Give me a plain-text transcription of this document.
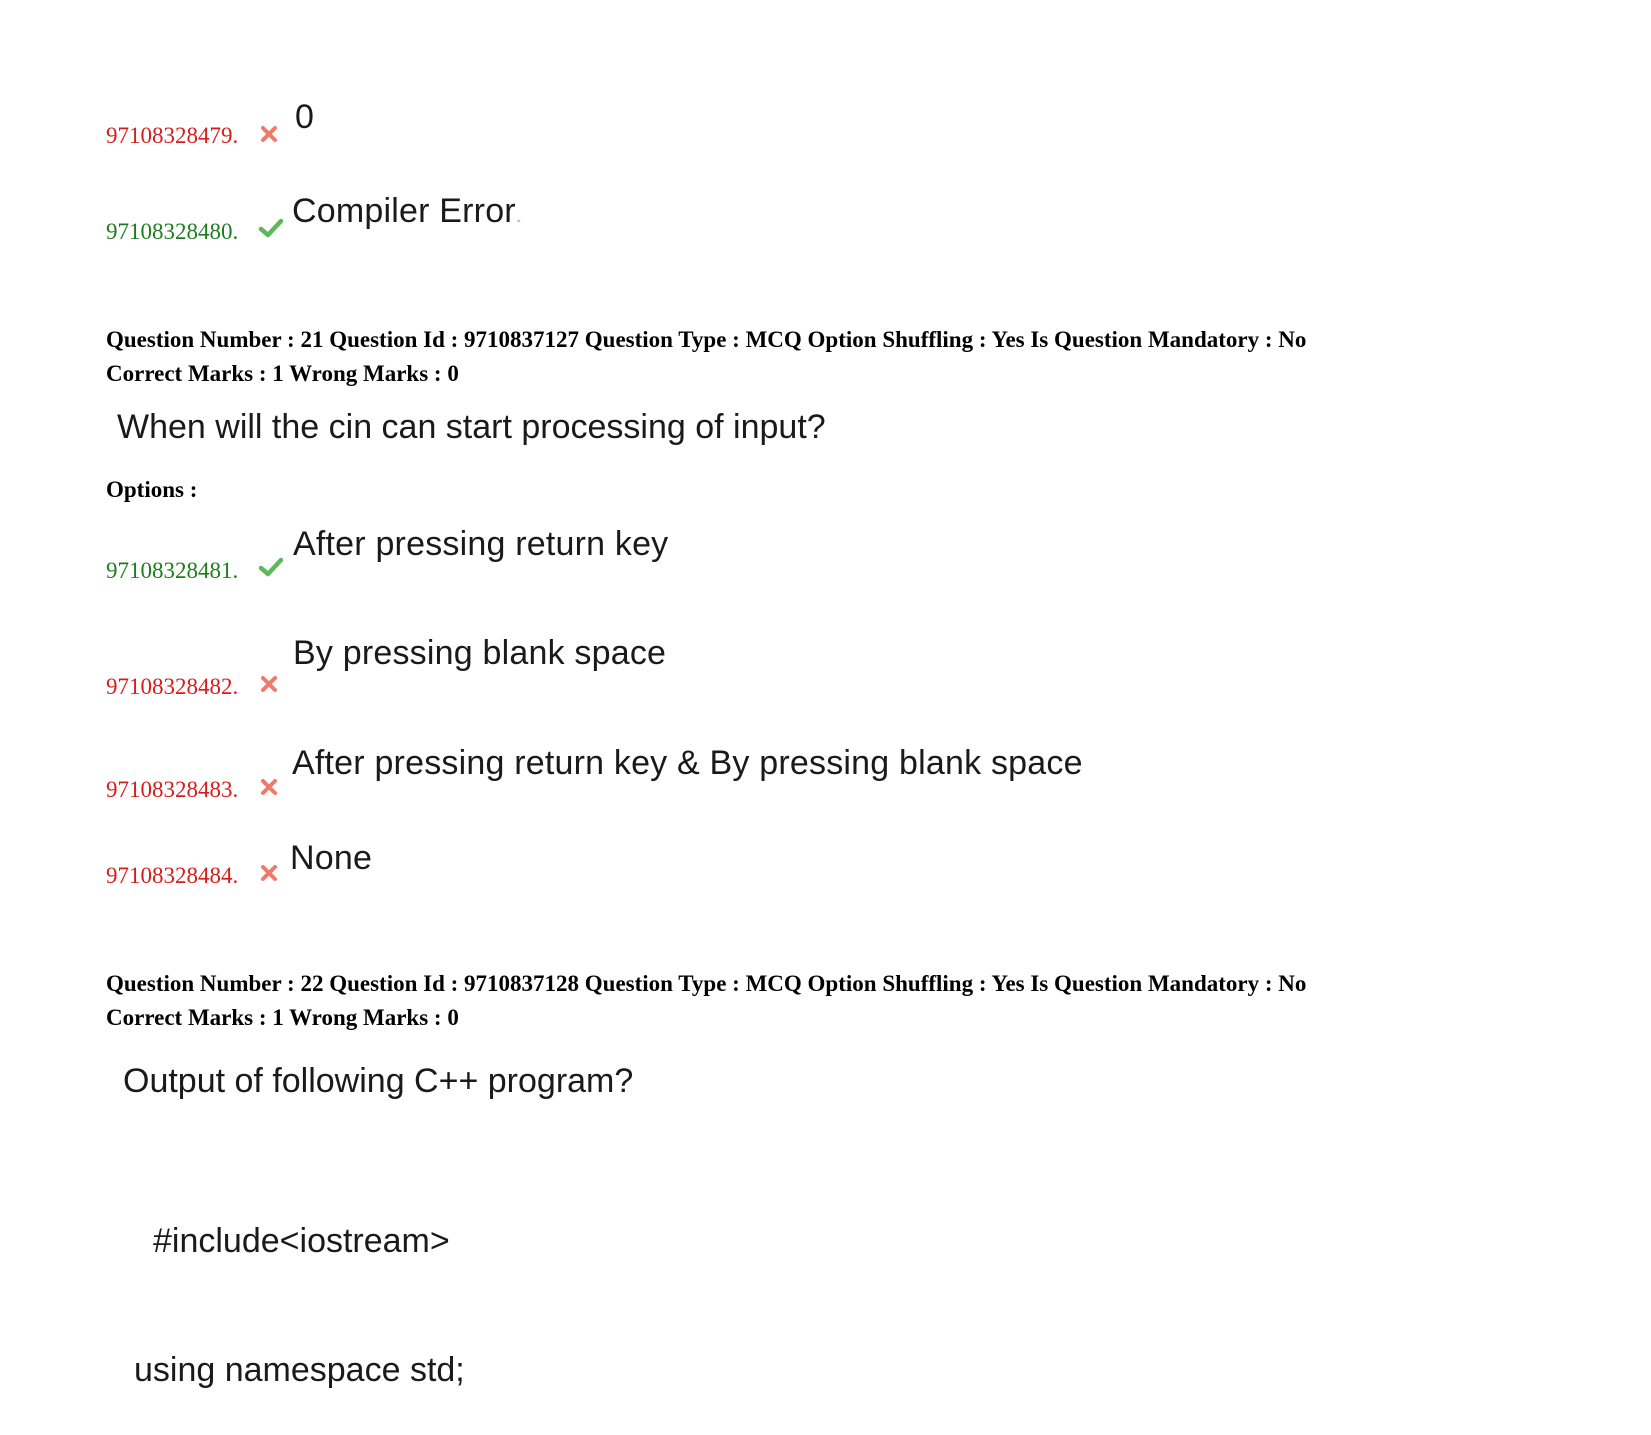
97108328479. 0
97108328480.
Compiler Error.
Question Number : 21 Question Id : 9710837127 Question Type : MCQ Option Shuffling : Yes Is Question Mandatory : No
Correct Marks : 1 Wrong Marks : 0
When will the cin can start processing of input?
Options :
97108328481.
After pressing return key
97108328482.
By pressing blank space
97108328483.
After pressing return key & By pressing blank space
97108328484. None
Question Number : 22 Question Id : 9710837128 Question Type : MCQ Option Shuffling : Yes Is Question Mandatory : No
Correct Marks : 1 Wrong Marks : 0
Output of following C++ program?

#include<iostream>

using namespace std;
